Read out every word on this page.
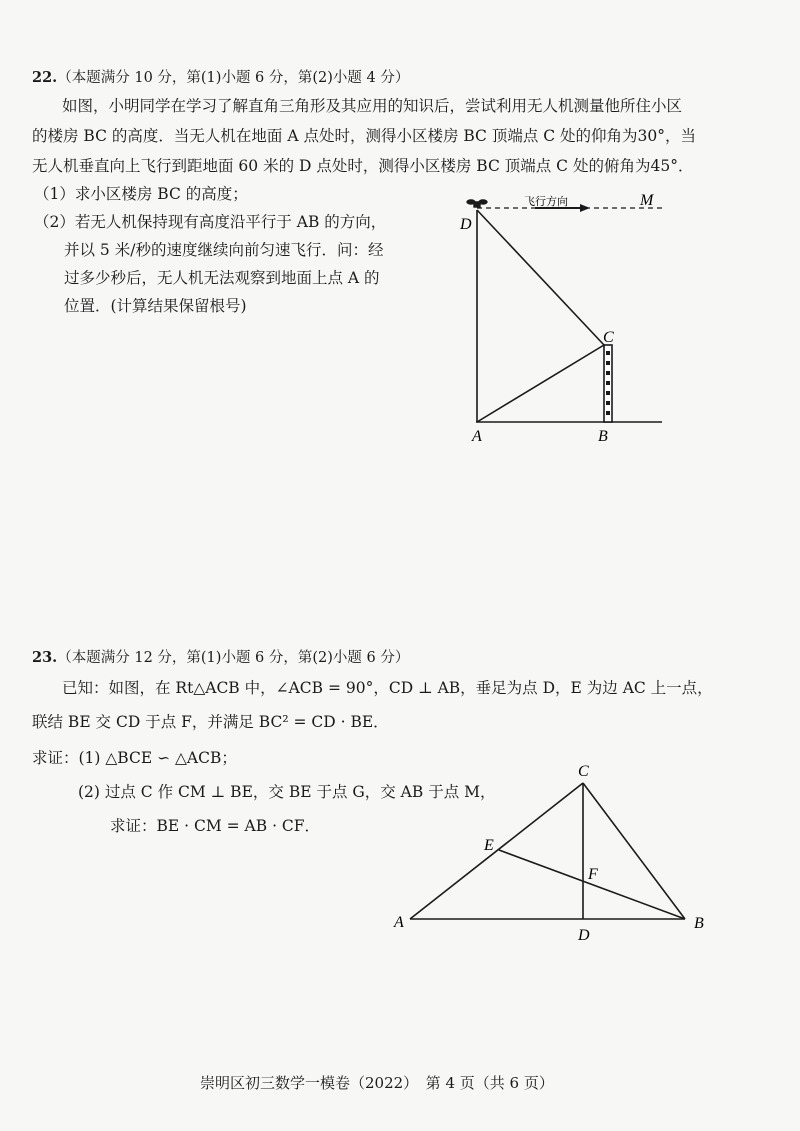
22.（本题满分 10 分，第(1)小题 6 分，第(2)小题 4 分）
如图，小明同学在学习了解直角三角形及其应用的知识后，尝试利用无人机测量他所住小区
的楼房 BC 的高度．当无人机在地面 A 点处时，测得小区楼房 BC 顶端点 C 处的仰角为30°，当
无人机垂直向上飞行到距地面 60 米的 D 点处时，测得小区楼房 BC 顶端点 C 处的俯角为45°．
（1）求小区楼房 BC 的高度；
（2）若无人机保持现有高度沿平行于 AB 的方向，
并以 5 米/秒的速度继续向前匀速飞行．问：经
过多少秒后，无人机无法观察到地面上点 A 的
位置．(计算结果保留根号)
飞行方向	M
D
C
A	B
23.（本题满分 12 分，第(1)小题 6 分，第(2)小题 6 分）
已知：如图，在 Rt△ACB 中，∠ACB = 90°，CD ⊥ AB，垂足为点 D，E 为边 AC 上一点，
联结 BE 交 CD 于点 F，并满足 BC² = CD · BE．
求证：(1) △BCE ∽ △ACB；
(2) 过点 C 作 CM ⊥ BE，交 BE 于点 G，交 AB 于点 M，
求证：BE · CM = AB · CF．
C
E
F
A
D
B
崇明区初三数学一模卷（2022）　第 4 页（共 6 页）
